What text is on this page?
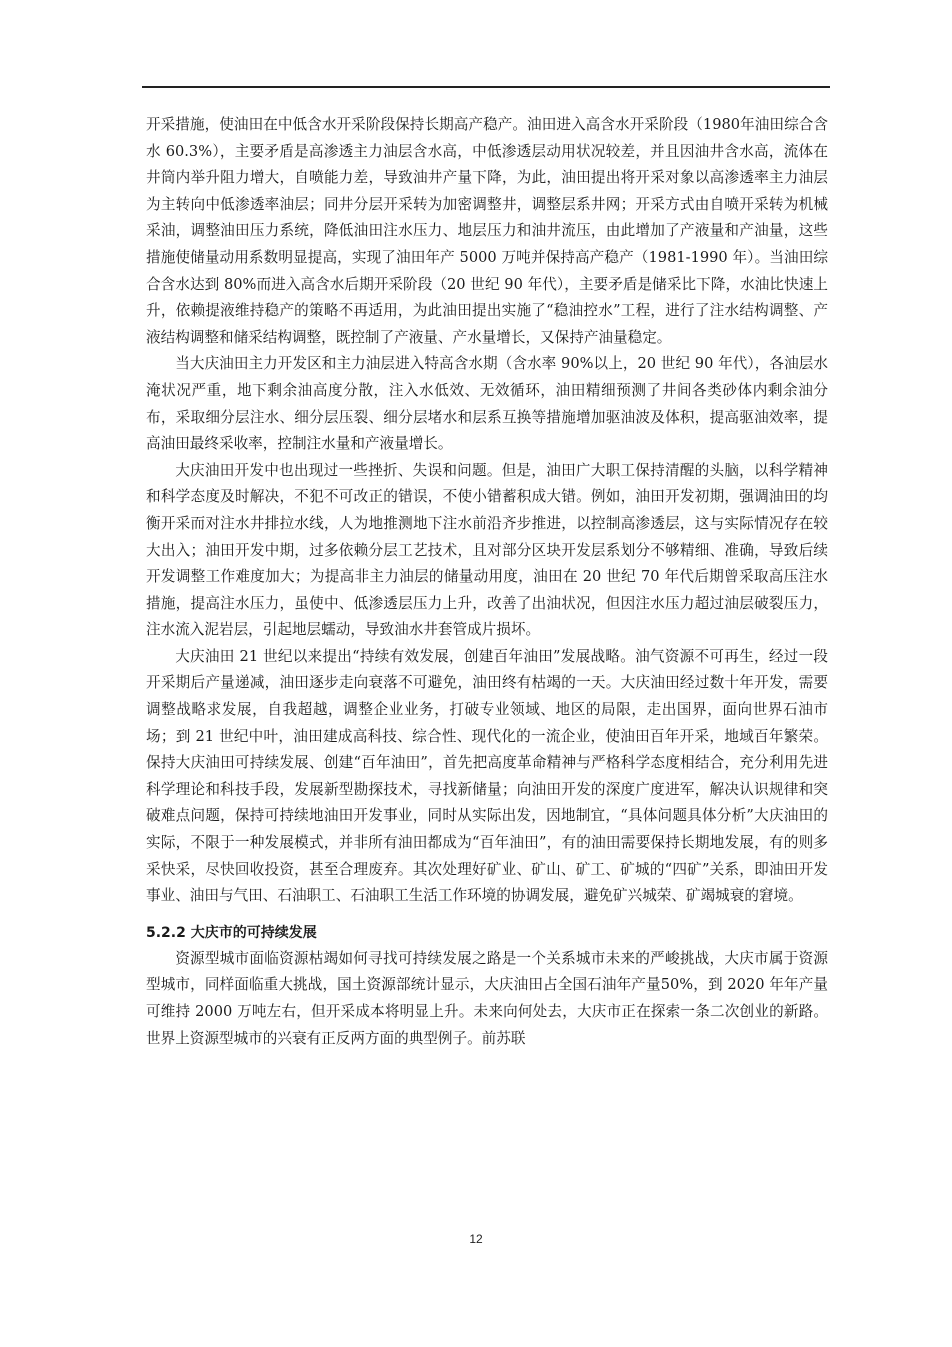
开采措施，使油田在中低含水开采阶段保持长期高产稳产。油田进入高含水开采阶段（1980年油田综合含水 60.3%），主要矛盾是高渗透主力油层含水高，中低渗透层动用状况较差，并且因油井含水高，流体在井筒内举升阻力增大，自喷能力差，导致油井产量下降，为此，油田提出将开采对象以高渗透率主力油层为主转向中低渗透率油层；同井分层开采转为加密调整井，调整层系井网；开采方式由自喷开采转为机械采油，调整油田压力系统，降低油田注水压力、地层压力和油井流压，由此增加了产液量和产油量，这些措施使储量动用系数明显提高，实现了油田年产 5000 万吨并保持高产稳产（1981-1990 年）。当油田综合含水达到 80%而进入高含水后期开采阶段（20 世纪 90 年代），主要矛盾是储采比下降，水油比快速上升，依赖提液维持稳产的策略不再适用，为此油田提出实施了“稳油控水”工程，进行了注水结构调整、产液结构调整和储采结构调整，既控制了产液量、产水量增长，又保持产油量稳定。

当大庆油田主力开发区和主力油层进入特高含水期（含水率 90%以上，20 世纪 90 年代），各油层水淹状况严重，地下剩余油高度分散，注入水低效、无效循环，油田精细预测了井间各类砂体内剩余油分布，采取细分层注水、细分层压裂、细分层堵水和层系互换等措施增加驱油波及体积，提高驱油效率，提高油田最终采收率，控制注水量和产液量增长。

大庆油田开发中也出现过一些挫折、失误和问题。但是，油田广大职工保持清醒的头脑，以科学精神和科学态度及时解决，不犯不可改正的错误，不使小错蓄积成大错。例如，油田开发初期，强调油田的均衡开采而对注水井排拉水线，人为地推测地下注水前沿齐步推进，以控制高渗透层，这与实际情况存在较大出入；油田开发中期，过多依赖分层工艺技术，且对部分区块开发层系划分不够精细、准确，导致后续开发调整工作难度加大；为提高非主力油层的储量动用度，油田在 20 世纪 70 年代后期曾采取高压注水措施，提高注水压力，虽使中、低渗透层压力上升，改善了出油状况，但因注水压力超过油层破裂压力，注水流入泥岩层，引起地层蠕动，导致油水井套管成片损坏。

大庆油田 21 世纪以来提出“持续有效发展，创建百年油田”发展战略。油气资源不可再生，经过一段开采期后产量递减，油田逐步走向衰落不可避免，油田终有枯竭的一天。大庆油田经过数十年开发，需要调整战略求发展，自我超越，调整企业业务，打破专业领域、地区的局限，走出国界，面向世界石油市场；到 21 世纪中叶，油田建成高科技、综合性、现代化的一流企业，使油田百年开采，地域百年繁荣。保持大庆油田可持续发展、创建“百年油田”，首先把高度革命精神与严格科学态度相结合，充分利用先进科学理论和科技手段，发展新型勘探技术，寻找新储量；向油田开发的深度广度进军，解决认识规律和突破难点问题，保持可持续地油田开发事业，同时从实际出发，因地制宜，“具体问题具体分析”大庆油田的实际，不限于一种发展模式，并非所有油田都成为“百年油田”，有的油田需要保持长期地发展，有的则多采快采，尽快回收投资，甚至合理废弃。其次处理好矿业、矿山、矿工、矿城的“四矿”关系，即油田开发事业、油田与气田、石油职工、石油职工生活工作环境的协调发展，避免矿兴城荣、矿竭城衰的窘境。

5.2.2 大庆市的可持续发展

资源型城市面临资源枯竭如何寻找可持续发展之路是一个关系城市未来的严峻挑战，大庆市属于资源型城市，同样面临重大挑战，国土资源部统计显示，大庆油田占全国石油年产量50%，到 2020 年年产量可维持 2000 万吨左右，但开采成本将明显上升。未来向何处去，大庆市正在探索一条二次创业的新路。世界上资源型城市的兴衰有正反两方面的典型例子。前苏联

12
